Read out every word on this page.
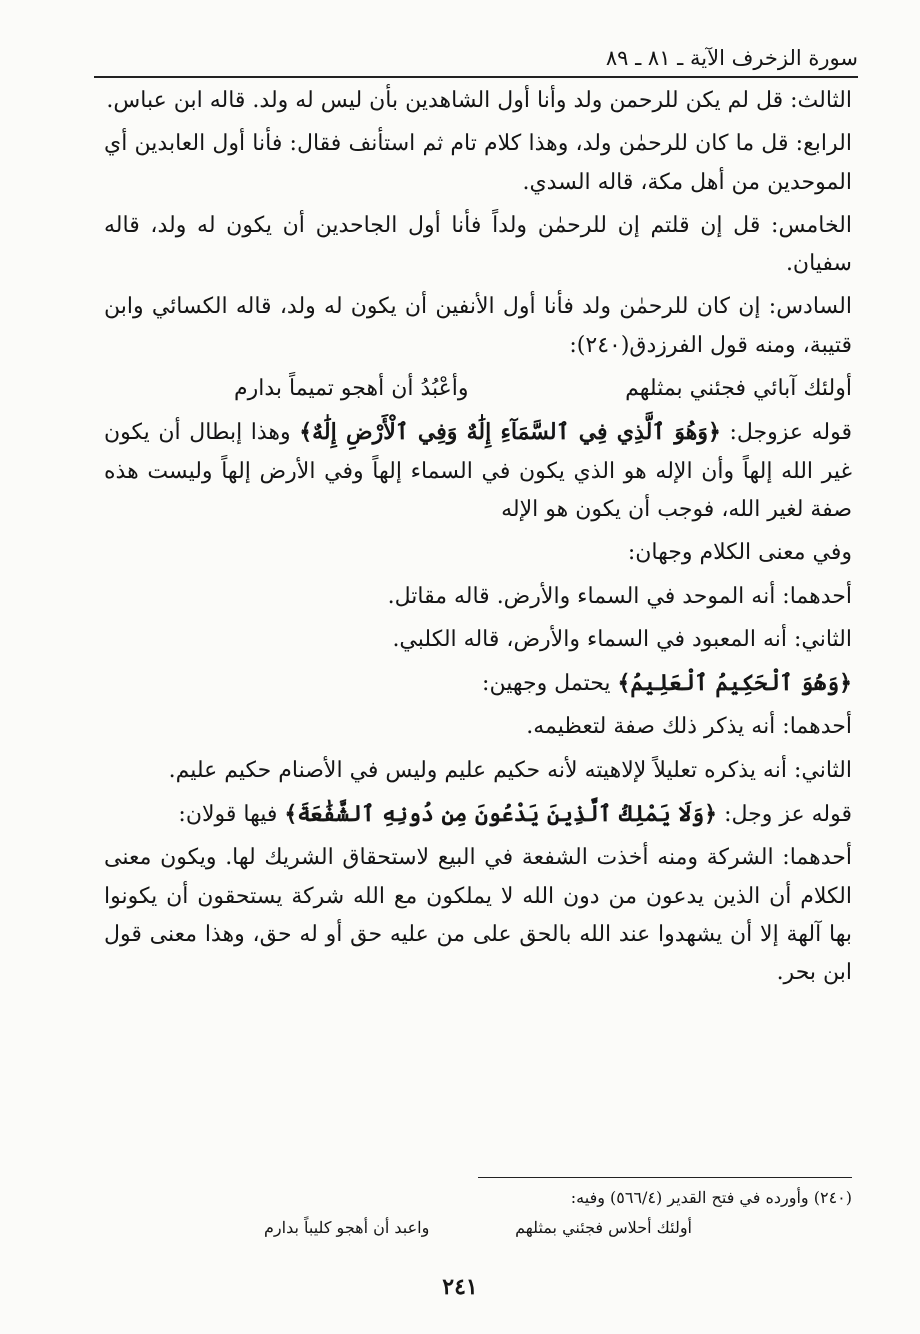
سورة الزخرف الآية ـ ٨١ ـ ٨٩

الثالث: قل لم يكن للرحمن ولد وأنا أول الشاهدين بأن ليس له ولد. قاله ابن عباس.

الرابع: قل ما كان للرحمٰن ولد، وهذا كلام تام ثم استأنف فقال: فأنا أول العابدين أي الموحدين من أهل مكة، قاله السدي.

الخامس: قل إن قلتم إن للرحمٰن ولداً فأنا أول الجاحدين أن يكون له ولد، قاله سفيان.

السادس: إن كان للرحمٰن ولد فأنا أول الأنفين أن يكون له ولد، قاله الكسائي وابن قتيبة، ومنه قول الفرزدق(٢٤٠):

أولئك آبائي فجئني بمثلهم
وأعْبُدُ أن أهجو تميماً بدارم

قوله عزوجل: ﴿وَهُوَ ٱلَّذِي فِي ٱلسَّمَآءِ إِلَٰهٌ وَفِي ٱلْأَرْضِ إِلَٰهٌ﴾ وهذا إبطال أن يكون غير الله إلهاً وأن الإله هو الذي يكون في السماء إلهاً وفي الأرض إلهاً وليست هذه صفة لغير الله، فوجب أن يكون هو الإله

وفي معنى الكلام وجهان:

أحدهما: أنه الموحد في السماء والأرض. قاله مقاتل.

الثاني: أنه المعبود في السماء والأرض، قاله الكلبي.

﴿وَهُوَ ٱلْحَكِيمُ ٱلْعَلِيمُ﴾ يحتمل وجهين:

أحدهما: أنه يذكر ذلك صفة لتعظيمه.

الثاني: أنه يذكره تعليلاً لإلاهيته لأنه حكيم عليم وليس في الأصنام حكيم عليم.

قوله عز وجل: ﴿وَلَا يَمْلِكُ ٱلَّذِينَ يَدْعُونَ مِن دُونِهِ ٱلشَّفَٰعَةَ﴾ فيها قولان:

أحدهما: الشركة ومنه أخذت الشفعة في البيع لاستحقاق الشريك لها. ويكون معنى الكلام أن الذين يدعون من دون الله لا يملكون مع الله شركة يستحقون أن يكونوا بها آلهة إلا أن يشهدوا عند الله بالحق على من عليه حق أو له حق، وهذا معنى قول ابن بحر.

(٢٤٠) وأورده في فتح القدير (٥٦٦/٤) وفيه:

أولئك أحلاس فجئني بمثلهم
واعبد أن أهجو كليباً بدارم
٢٤١
